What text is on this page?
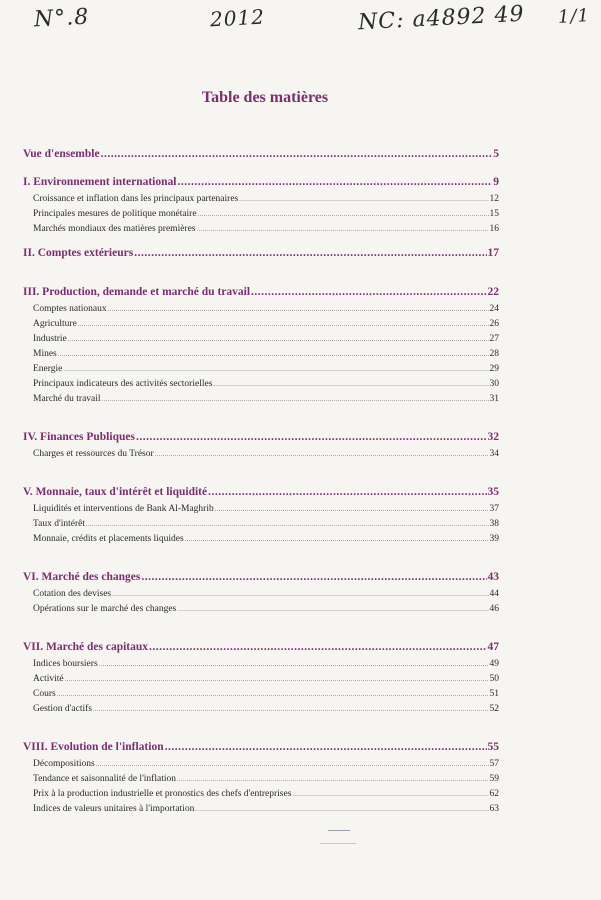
N°.8	2012	NC: a4892 49 1/1
Table des matières
Vue d'ensemble .....	5
I. Environnement international .....	9
Croissance et inflation dans les principaux partenaires .....	12
Principales mesures de politique monétaire .....	15
Marchés mondiaux des matières premières .....	16
II. Comptes extérieurs .....	17
III. Production, demande et marché du travail .....	22
Comptes nationaux .....	24
Agriculture .....	26
Industrie .....	27
Mines .....	28
Energie .....	29
Principaux indicateurs des activités sectorielles .....	30
Marché du travail .....	31
IV. Finances Publiques .....	32
Charges et ressources du Trésor .....	34
V. Monnaie, taux d'intérêt et liquidité .....	35
Liquidités et interventions de Bank Al-Maghrib .....	37
Taux d'intérêt .....	38
Monnaie, crédits et placements liquides .....	39
VI. Marché des changes .....	43
Cotation des devises .....	44
Opérations sur le marché des changes .....	46
VII. Marché des capitaux .....	47
Indices boursiers .....	49
Activité .....	50
Cours .....	51
Gestion d'actifs .....	52
VIII. Evolution de l'inflation .....	55
Décompositions .....	57
Tendance et saisonnalité de l'inflation .....	59
Prix à la production industrielle et pronostics des chefs d'entreprises .....	62
Indices de valeurs unitaires à l'importation .....	63
